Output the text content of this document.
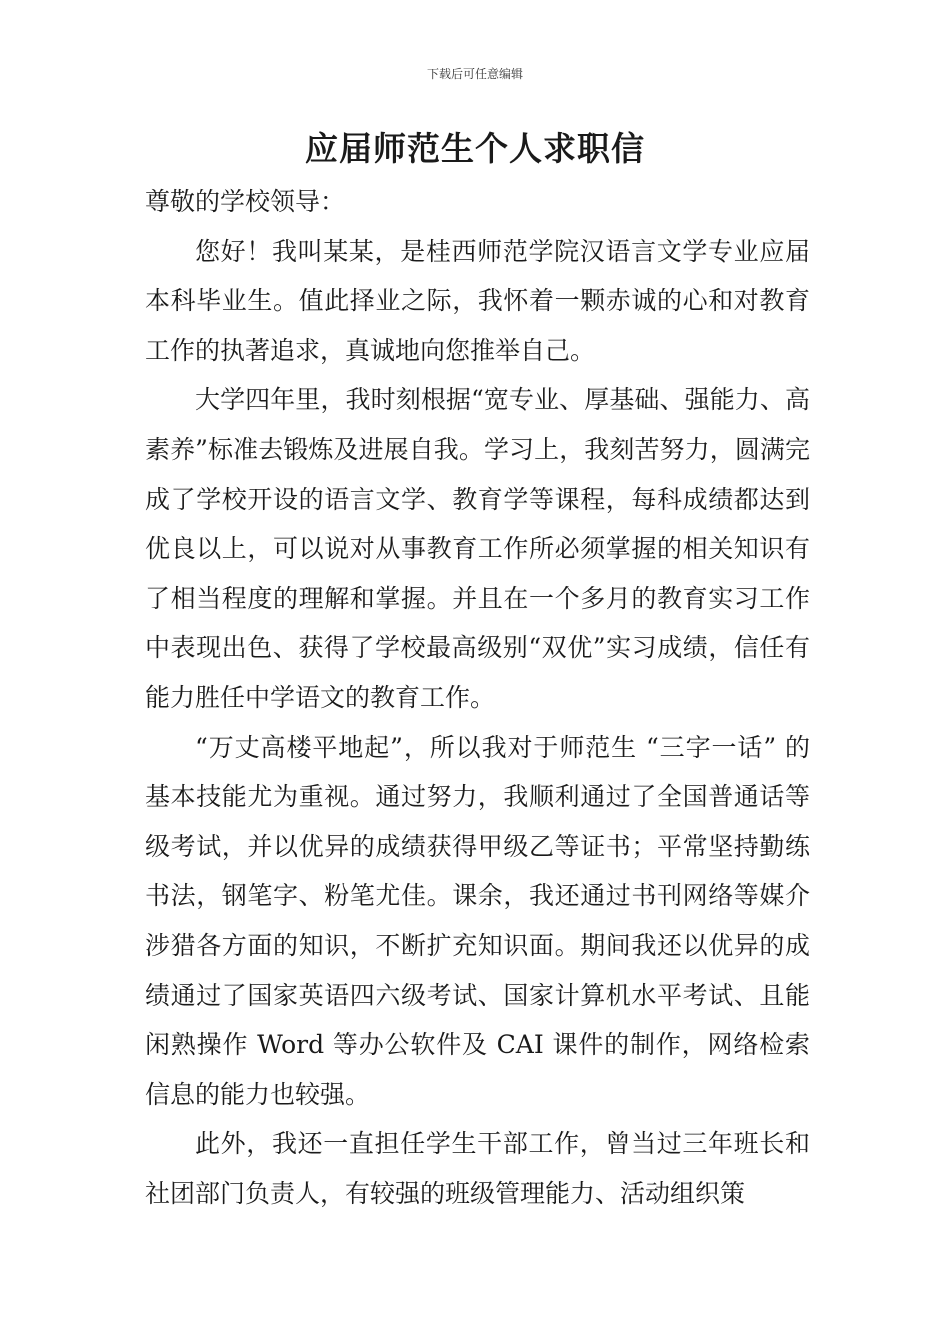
下载后可任意编辑
应届师范生个人求职信

尊敬的学校领导：

您好！我叫某某，是桂西师范学院汉语言文学专业应届本科毕业生。值此择业之际，我怀着一颗赤诚的心和对教育工作的执著追求，真诚地向您推举自己。

大学四年里，我时刻根据“宽专业、厚基础、强能力、高素养”标准去锻炼及进展自我。学习上，我刻苦努力，圆满完成了学校开设的语言文学、教育学等课程，每科成绩都达到优良以上，可以说对从事教育工作所必须掌握的相关知识有了相当程度的理解和掌握。并且在一个多月的教育实习工作中表现出色、获得了学校最高级别“双优”实习成绩，信任有能力胜任中学语文的教育工作。

“万丈高楼平地起”，所以我对于师范生 “三字一话” 的基本技能尤为重视。通过努力，我顺利通过了全国普通话等级考试，并以优异的成绩获得甲级乙等证书；平常坚持勤练书法，钢笔字、粉笔尤佳。课余，我还通过书刊网络等媒介涉猎各方面的知识，不断扩充知识面。期间我还以优异的成绩通过了国家英语四六级考试、国家计算机水平考试、且能闲熟操作 Word 等办公软件及 CAI 课件的制作，网络检索信息的能力也较强。

此外，我还一直担任学生干部工作，曾当过三年班长和社团部门负责人，有较强的班级管理能力、活动组织策
